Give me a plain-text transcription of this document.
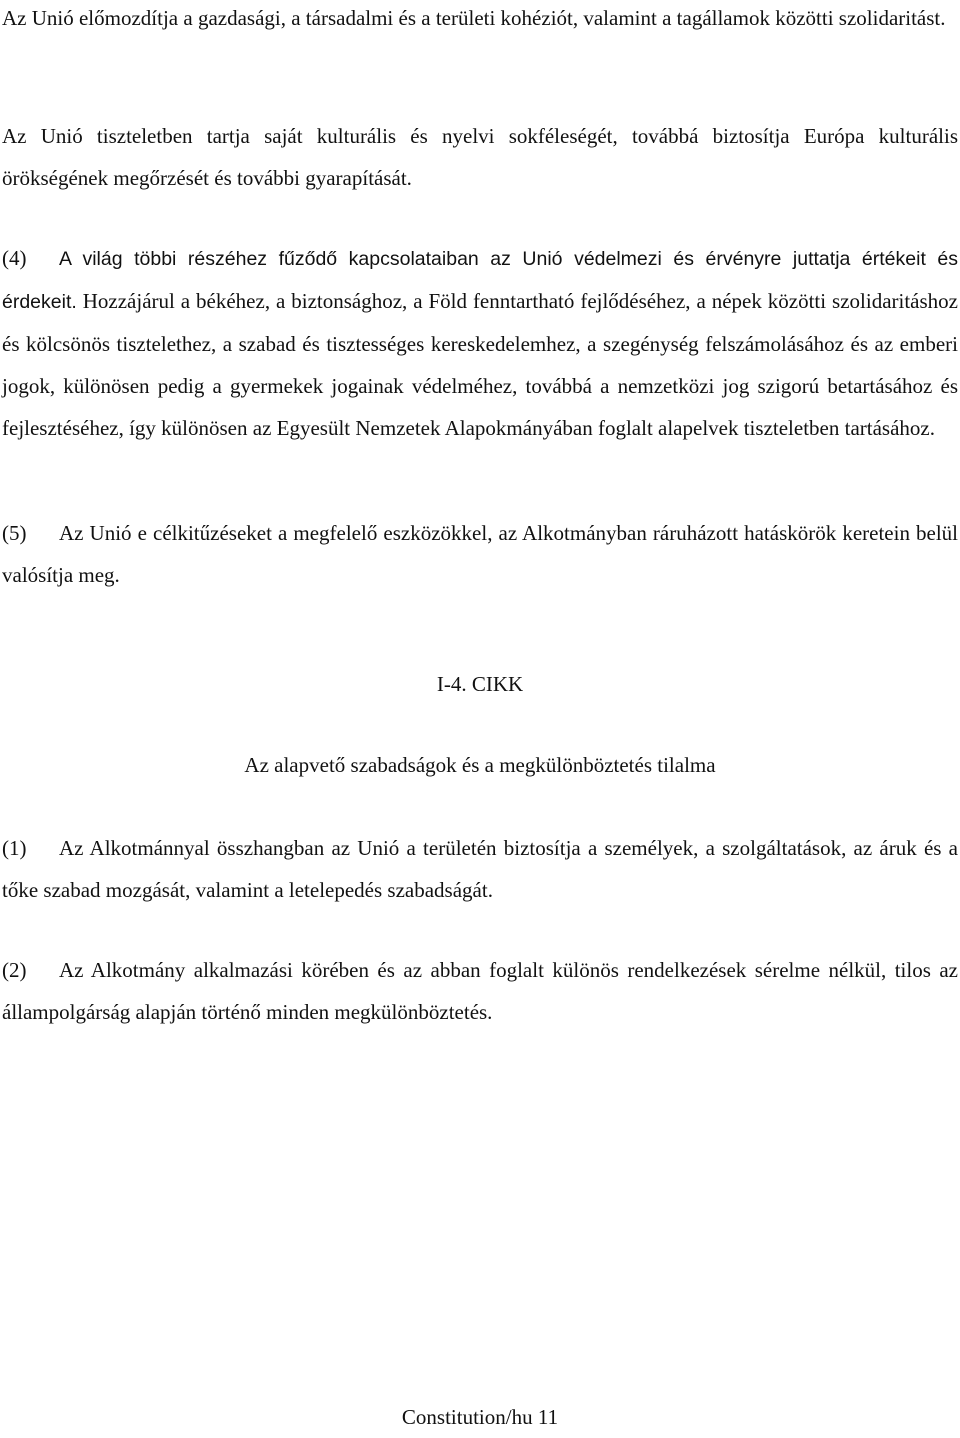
Az Unió előmozdítja a gazdasági, a társadalmi és a területi kohéziót, valamint a tagállamok közötti szolidaritást.

Az Unió tiszteletben tartja saját kulturális és nyelvi sokféleségét, továbbá biztosítja Európa kulturális örökségének megőrzését és további gyarapítását.

(4) A világ többi részéhez fűződő kapcsolataiban az Unió védelmezi és érvényre juttatja értékeit és érdekeit. Hozzájárul a békéhez, a biztonsághoz, a Föld fenntartható fejlődéséhez, a népek közötti szolidaritáshoz és kölcsönös tisztelethez, a szabad és tisztességes kereskedelemhez, a szegénység felszámolásához és az emberi jogok, különösen pedig a gyermekek jogainak védelméhez, továbbá a nemzetközi jog szigorú betartásához és fejlesztéséhez, így különösen az Egyesült Nemzetek Alapokmányában foglalt alapelvek tiszteletben tartásához.

(5) Az Unió e célkitűzéseket a megfelelő eszközökkel, az Alkotmányban ráruházott hatáskörök keretein belül valósítja meg.

I-4. CIKK
Az alapvető szabadságok és a megkülönböztetés tilalma

(1) Az Alkotmánnyal összhangban az Unió a területén biztosítja a személyek, a szolgáltatások, az áruk és a tőke szabad mozgását, valamint a letelepedés szabadságát.

(2) Az Alkotmány alkalmazási körében és az abban foglalt különös rendelkezések sérelme nélkül, tilos az állampolgárság alapján történő minden megkülönböztetés.

Constitution/hu 11
